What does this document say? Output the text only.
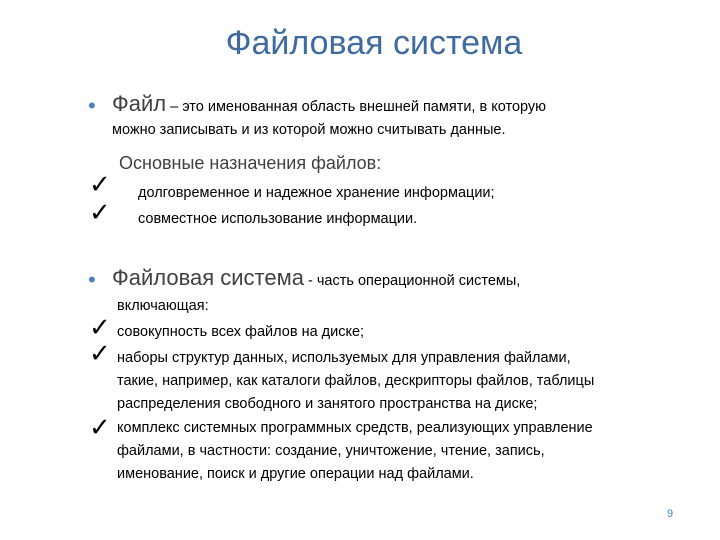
Файловая система
• Файл – это именованная область внешней памяти, в которую
можно записывать и из которой можно считывать данные.
Основные назначения файлов:
✓ долговременное и надежное хранение информации;
✓ совместное использование информации.
• Файловая система - часть операционной системы,
включающая:
✓ совокупность всех файлов на диске;
✓ наборы структур данных, используемых для управления файлами,
такие, например, как каталоги файлов, дескрипторы файлов, таблицы
распределения свободного и занятого пространства на диске;
✓ комплекс системных программных средств, реализующих управление
файлами, в частности: создание, уничтожение, чтение, запись,
именование, поиск и другие операции над файлами.
9
